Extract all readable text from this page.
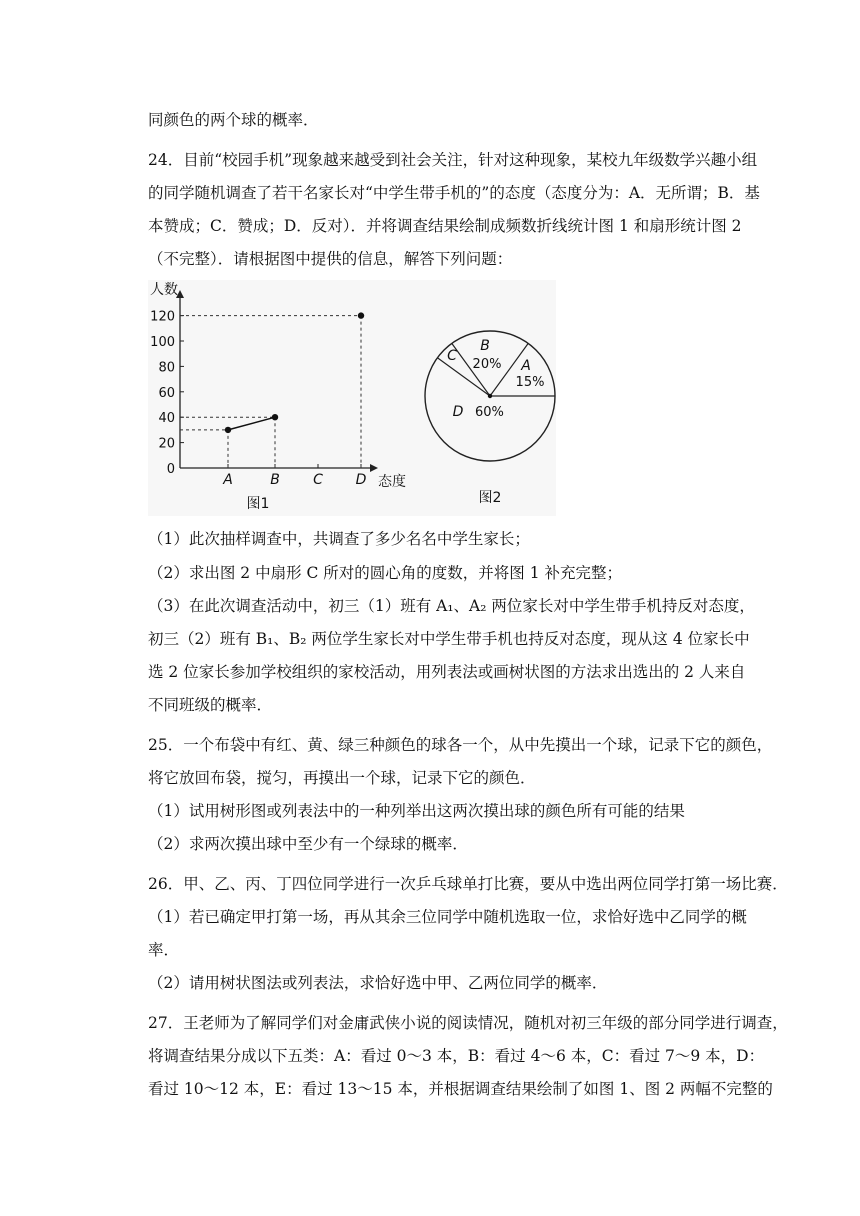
同颜色的两个球的概率．
24．目前“校园手机”现象越来越受到社会关注，针对这种现象，某校九年级数学兴趣小组
的同学随机调查了若干名家长对“中学生带手机的”的态度（态度分为：A．无所谓；B．基
本赞成；C．赞成；D．反对）．并将调查结果绘制成频数折线统计图 1 和扇形统计图 2
（不完整）．请根据图中提供的信息，解答下列问题：
（1）此次抽样调查中，共调查了多少名名中学生家长；
（2）求出图 2 中扇形 C 所对的圆心角的度数，并将图 1 补充完整；
（3）在此次调查活动中，初三（1）班有 A₁、A₂ 两位家长对中学生带手机持反对态度，
初三（2）班有 B₁、B₂ 两位学生家长对中学生带手机也持反对态度，现从这 4 位家长中
选 2 位家长参加学校组织的家校活动，用列表法或画树状图的方法求出选出的 2 人来自
不同班级的概率．
25．一个布袋中有红、黄、绿三种颜色的球各一个，从中先摸出一个球，记录下它的颜色，
将它放回布袋，搅匀，再摸出一个球，记录下它的颜色．
（1）试用树形图或列表法中的一种列举出这两次摸出球的颜色所有可能的结果
（2）求两次摸出球中至少有一个绿球的概率．
26．甲、乙、丙、丁四位同学进行一次乒乓球单打比赛，要从中选出两位同学打第一场比赛．
（1）若已确定甲打第一场，再从其余三位同学中随机选取一位，求恰好选中乙同学的概
率．
（2）请用树状图法或列表法，求恰好选中甲、乙两位同学的概率．
27．王老师为了解同学们对金庸武侠小说的阅读情况，随机对初三年级的部分同学进行调查，
将调查结果分成以下五类：A：看过 0～3 本，B：看过 4～6 本，C：看过 7～9 本，D：
看过 10～12 本，E：看过 13～15 本，并根据调查结果绘制了如图 1、图 2 两幅不完整的
人数
态度
0
20
40
60
80
100
120
A	B C D
图1
A
15%
B
20%
C
D 60%
图2
